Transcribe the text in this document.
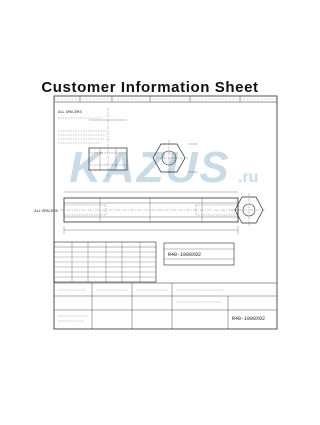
Customer Information Sheet
KAZUS .ru
ALL SPACERS
ALL SPACERS
R40-1000X02
R40-1000X02
